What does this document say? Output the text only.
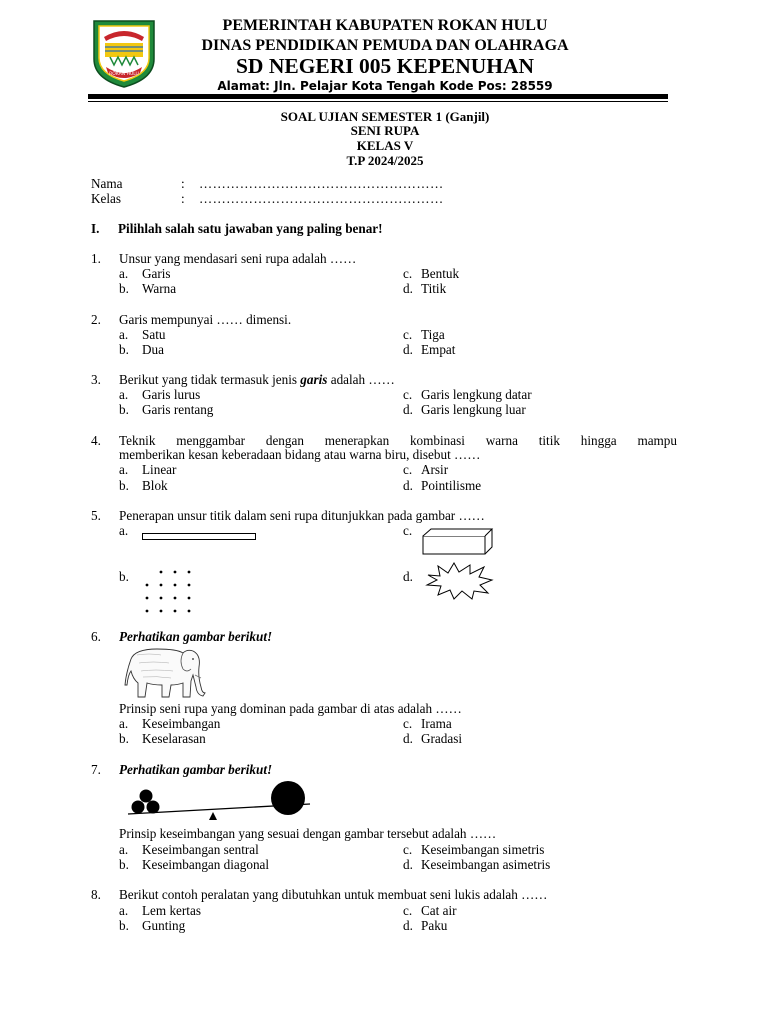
ROKAN HULU
PEMERINTAH KABUPATEN ROKAN HULU
DINAS PENDIDIKAN PEMUDA DAN OLAHRAGA
SD NEGERI 005 KEPENUHAN
Alamat: Jln. Pelajar Kota Tengah Kode Pos: 28559
SOAL UJIAN SEMESTER 1 (Ganjil)
SENI RUPA
KELAS V
T.P 2024/2025
Nama	: ………………………………………………
Kelas	: ………………………………………………
I. Pilihlah salah satu jawaban yang paling benar!
1. Unsur yang mendasari seni rupa adalah ……
a. Garis
b. Warna
c. Bentuk
d. Titik
2. Garis mempunyai …… dimensi.
a. Satu
b. Dua
c. Tiga
d. Empat
3. Berikut yang tidak termasuk jenis garis adalah ……
a. Garis lurus
b. Garis rentang
c. Garis lengkung datar
d. Garis lengkung luar
4. Teknik menggambar dengan menerapkan kombinasi warna titik hingga mampu
memberikan kesan keberadaan bidang atau warna biru, disebut ……
a. Linear
b. Blok
c. Arsir
d. Pointilisme
5. Penerapan unsur titik dalam seni rupa ditunjukkan pada gambar ……
a.	c.
b.	d.
6. Perhatikan gambar berikut!
Prinsip seni rupa yang dominan pada gambar di atas adalah ……
a. Keseimbangan
b. Keselarasan
c. Irama
d. Gradasi
7. Perhatikan gambar berikut!
Prinsip keseimbangan yang sesuai dengan gambar tersebut adalah ……
a. Keseimbangan sentral
b. Keseimbangan diagonal
c. Keseimbangan simetris
d. Keseimbangan asimetris
8. Berikut contoh peralatan yang dibutuhkan untuk membuat seni lukis adalah ……
a. Lem kertas
b. Gunting
c. Cat air
d. Paku
